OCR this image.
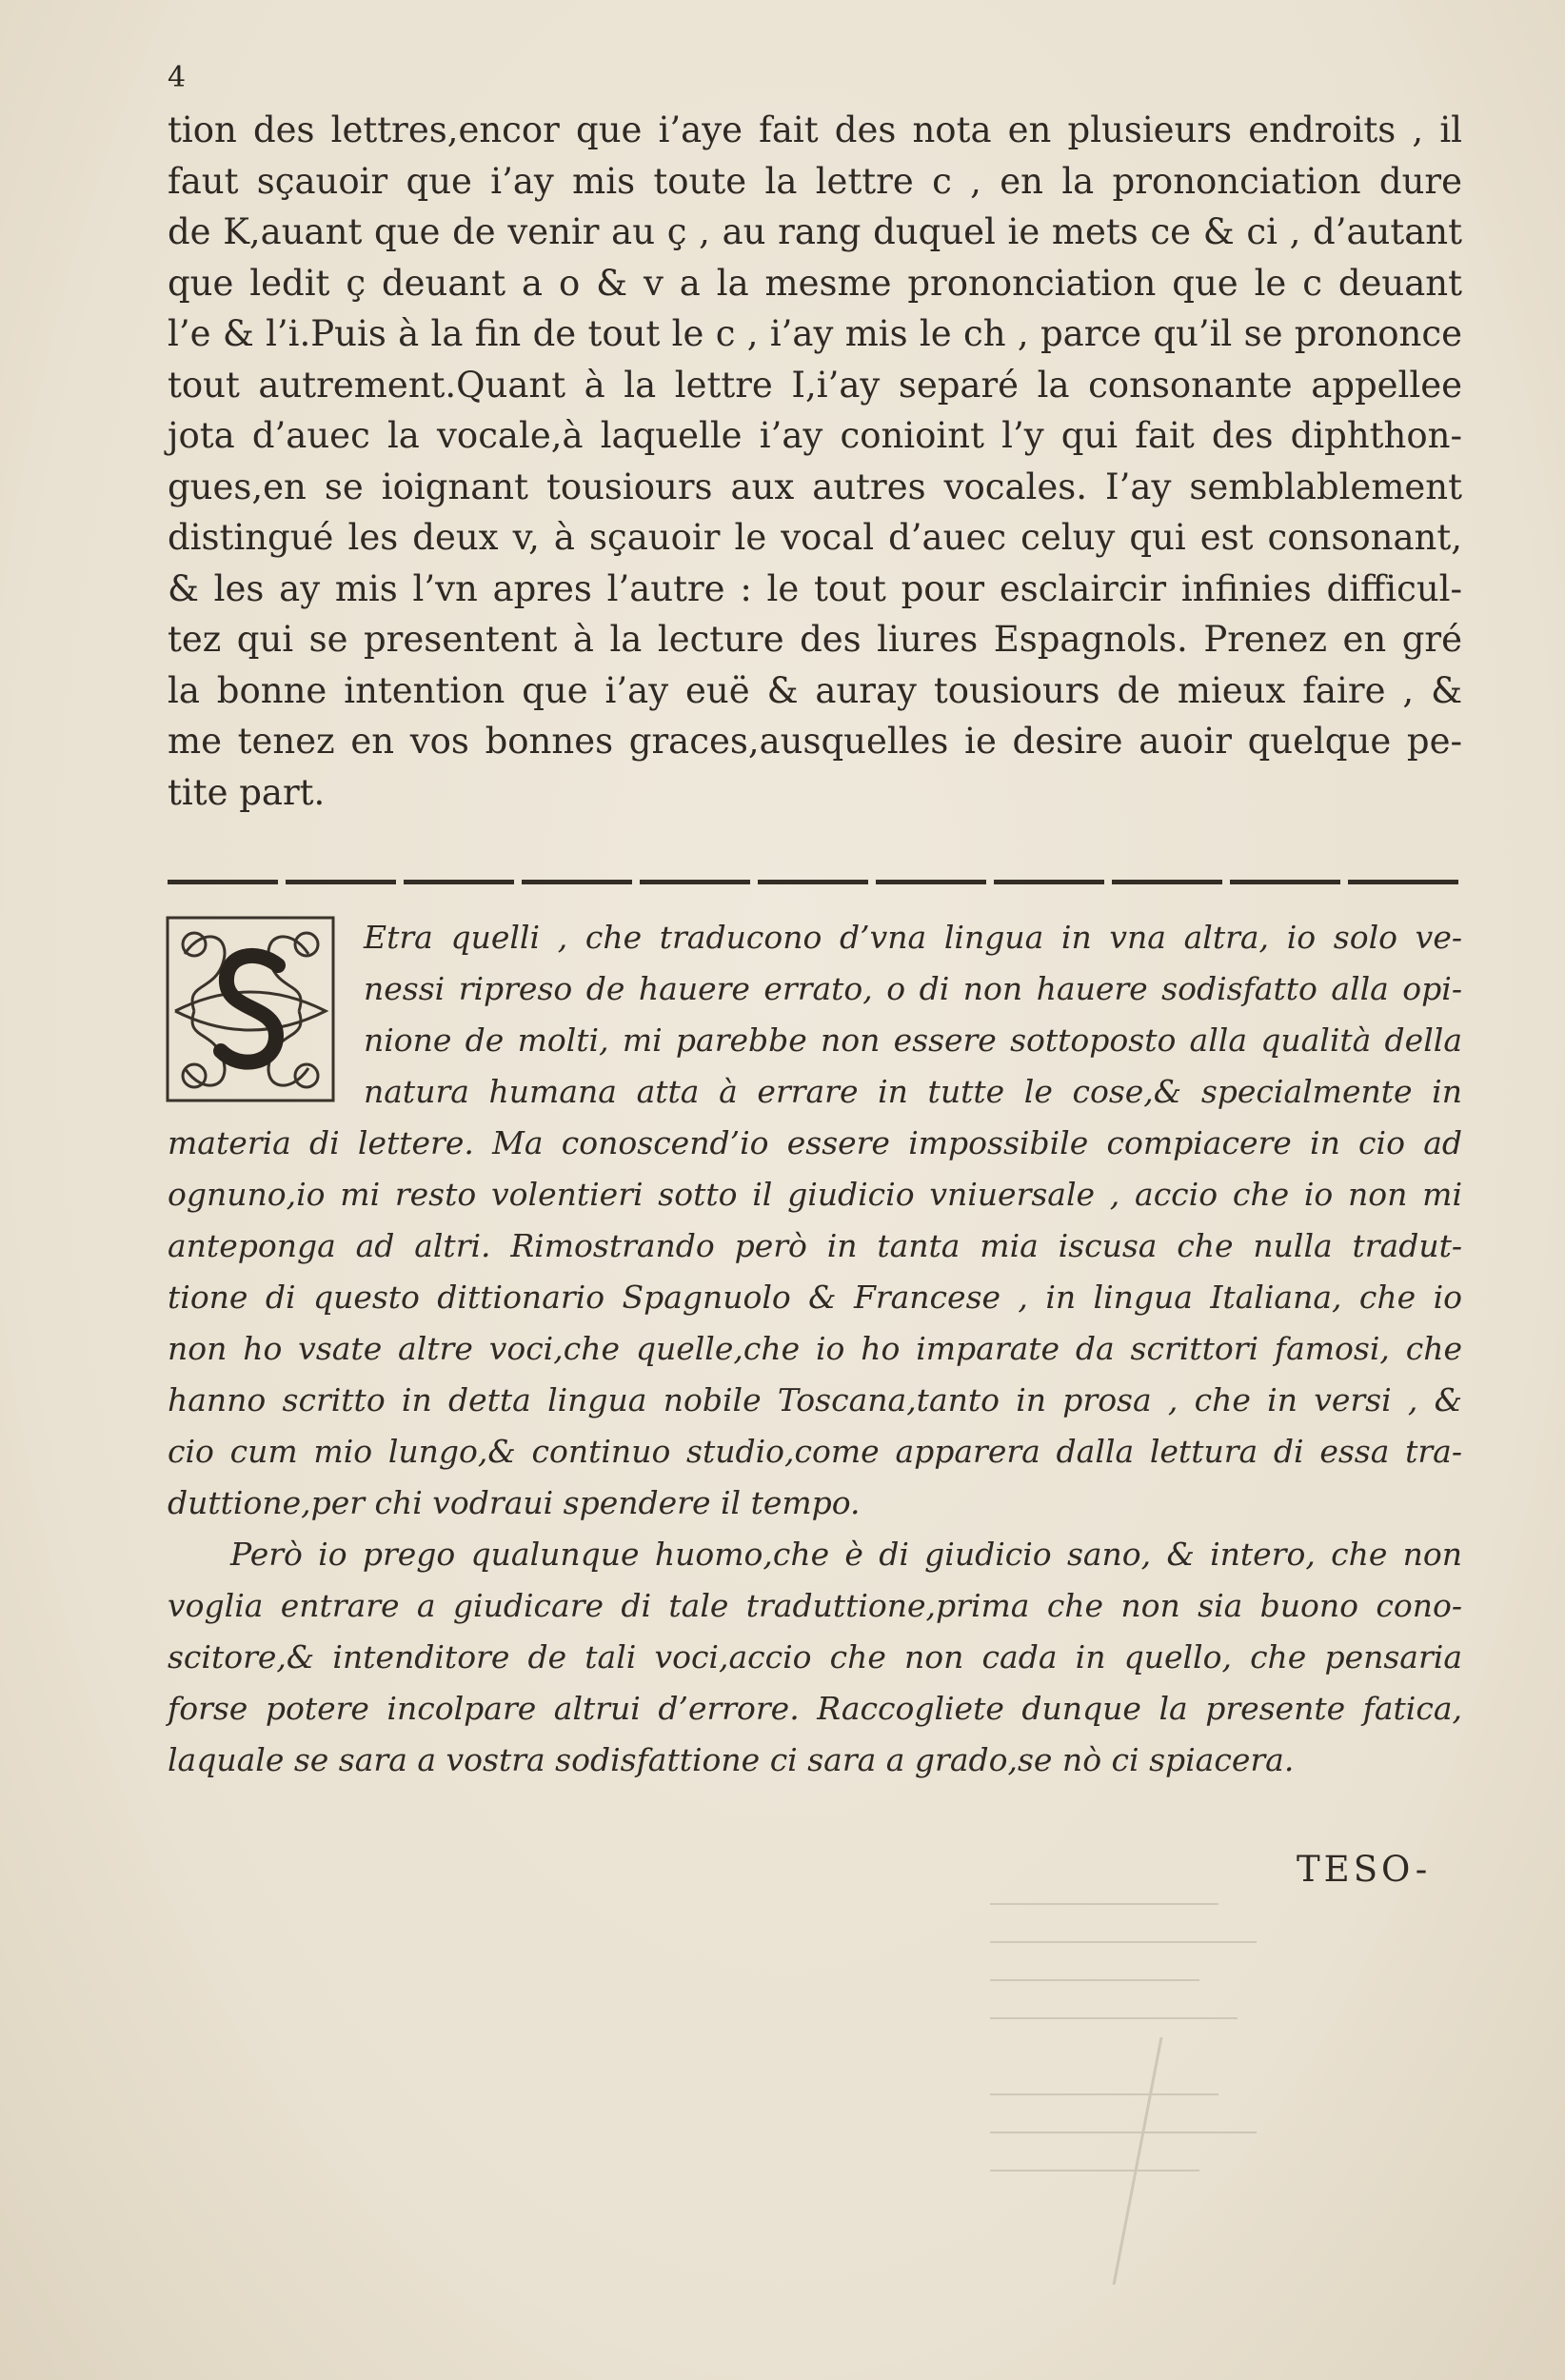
4
tion des lettres,encor que i’aye fait des nota en plusieurs endroits , il
faut sçauoir que i’ay mis toute la lettre c , en la prononciation dure
de K,auant que de venir au ç , au rang duquel ie mets ce & ci , d’autant
que ledit ç deuant a o & v a la mesme prononciation que le c deuant
l’e & l’i.Puis à la fin de tout le c , i’ay mis le ch , parce qu’il se prononce
tout autrement.Quant à la lettre I,i’ay separé la consonante appellee
jota d’auec la vocale,à laquelle i’ay conioint l’y qui fait des diphthon-
gues,en se ioignant tousiours aux autres vocales. I’ay semblablement
distingué les deux v, à sçauoir le vocal d’auec celuy qui est consonant,
& les ay mis l’vn apres l’autre : le tout pour esclaircir infinies difficul-
tez qui se presentent à la lecture des liures Espagnols. Prenez en gré
la bonne intention que i’ay euë & auray tousiours de mieux faire , &
me tenez en vos bonnes graces,ausquelles ie desire auoir quelque pe-
tite part.
Etra quelli , che traducono d’vna lingua in vna altra, io solo ve-
nessi ripreso de hauere errato, o di non hauere sodisfatto alla opi-
nione de molti, mi parebbe non essere sottoposto alla qualità della
natura humana atta à errare in tutte le cose,& specialmente in
materia di lettere. Ma conoscend’io essere impossibile compiacere in cio ad
ognuno,io mi resto volentieri sotto il giudicio vniuersale , accio che io non mi
anteponga ad altri. Rimostrando però in tanta mia iscusa che nulla tradut-
tione di questo dittionario Spagnuolo & Francese , in lingua Italiana, che io
non ho vsate altre voci,che quelle,che io ho imparate da scrittori famosi, che
hanno scritto in detta lingua nobile Toscana,tanto in prosa , che in versi , &
cio cum mio lungo,& continuo studio,come apparera dalla lettura di essa tra-
duttione,per chi vodraui spendere il tempo.
Però io prego qualunque huomo,che è di giudicio sano, & intero, che non
voglia entrare a giudicare di tale traduttione,prima che non sia buono cono-
scitore,& intenditore de tali voci,accio che non cada in quello, che pensaria
forse potere incolpare altrui d’errore. Raccogliete dunque la presente fatica,
laquale se sara a vostra sodisfattione ci sara a grado,se nò ci spiacera.
TESO-
